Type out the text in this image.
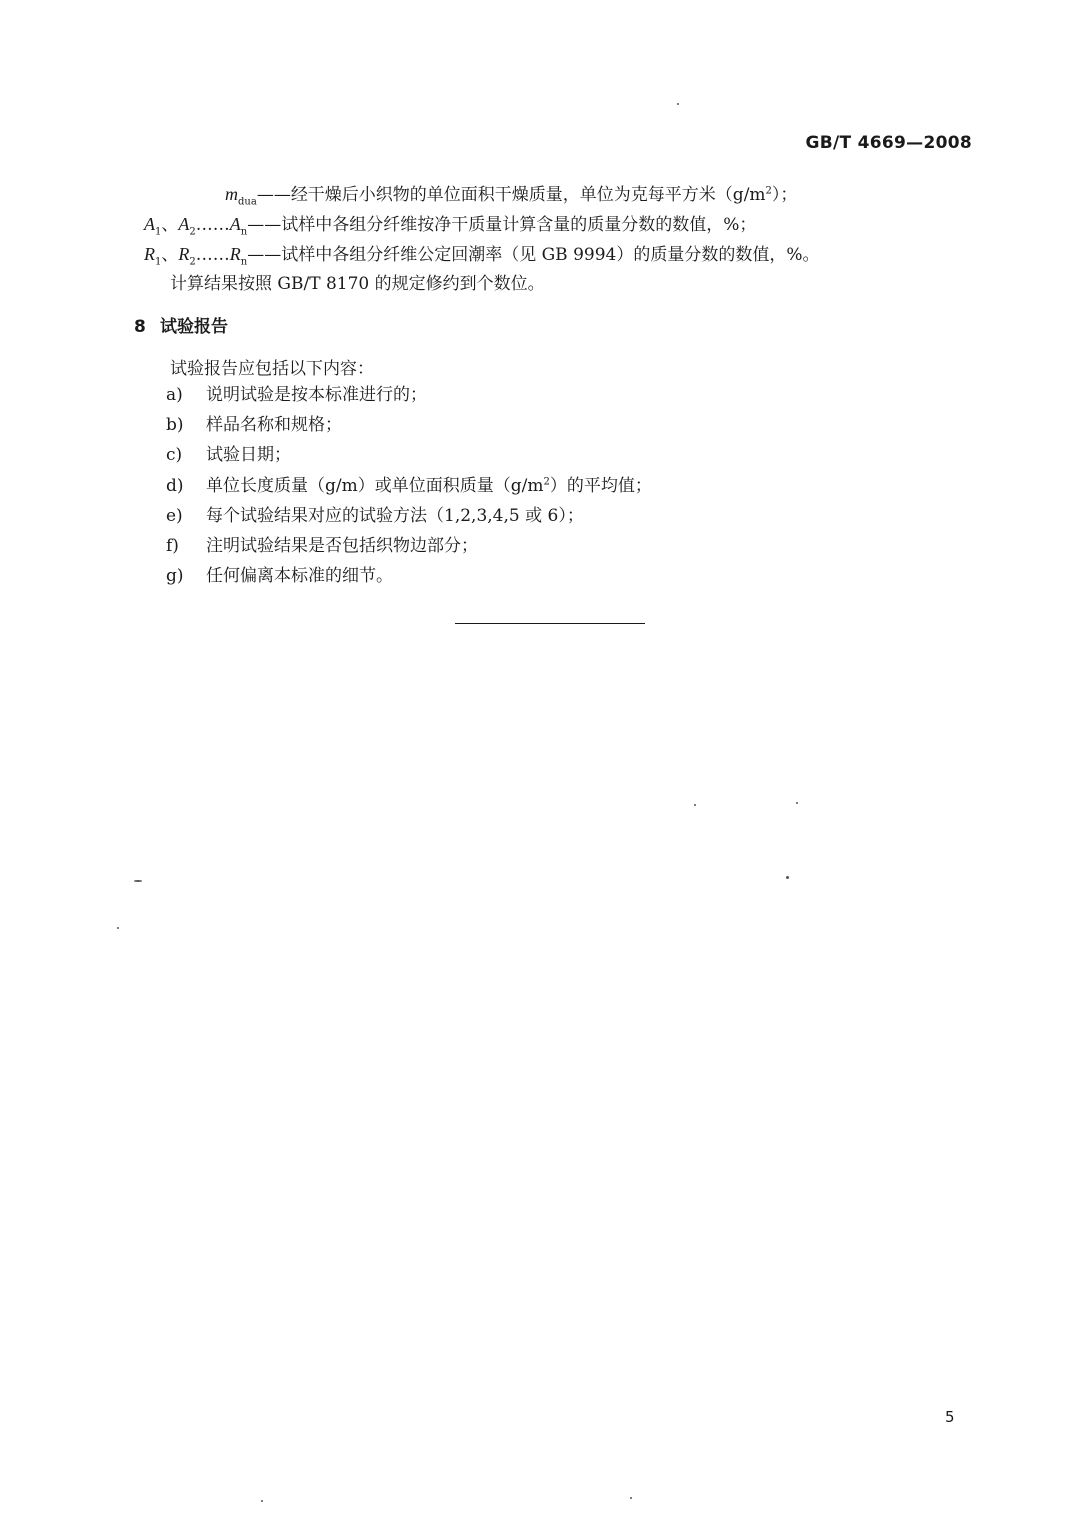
GB/T 4669—2008
$m_{dua}——$经干燥后小织物的单位面积干燥质量，单位为克每平方米$(g/m^2)$；
$A_1$、$A_2\dots\dots A_n——$试样中各组分纤维按净干质量计算含量的质量分数的数值，%；
$R_1$、$R_2\dots\dots R_n——$试样中各组分纤维公定回潮率（见 GB 9994）的质量分数的数值，%。
计算结果按照 GB/T 8170 的规定修约到个数位。
8 试验报告
试验报告应包括以下内容：
a) 说明试验是按本标准进行的；
b) 样品名称和规格；
c) 试验日期；
d) 单位长度质量（g/m）或单位面积质量$(g/m^2)$的平均值；
e) 每个试验结果对应的试验方法（1,2,3,4,5 或 6）；
f) 注明试验结果是否包括织物边部分；
g) 任何偏离本标准的细节。
5
